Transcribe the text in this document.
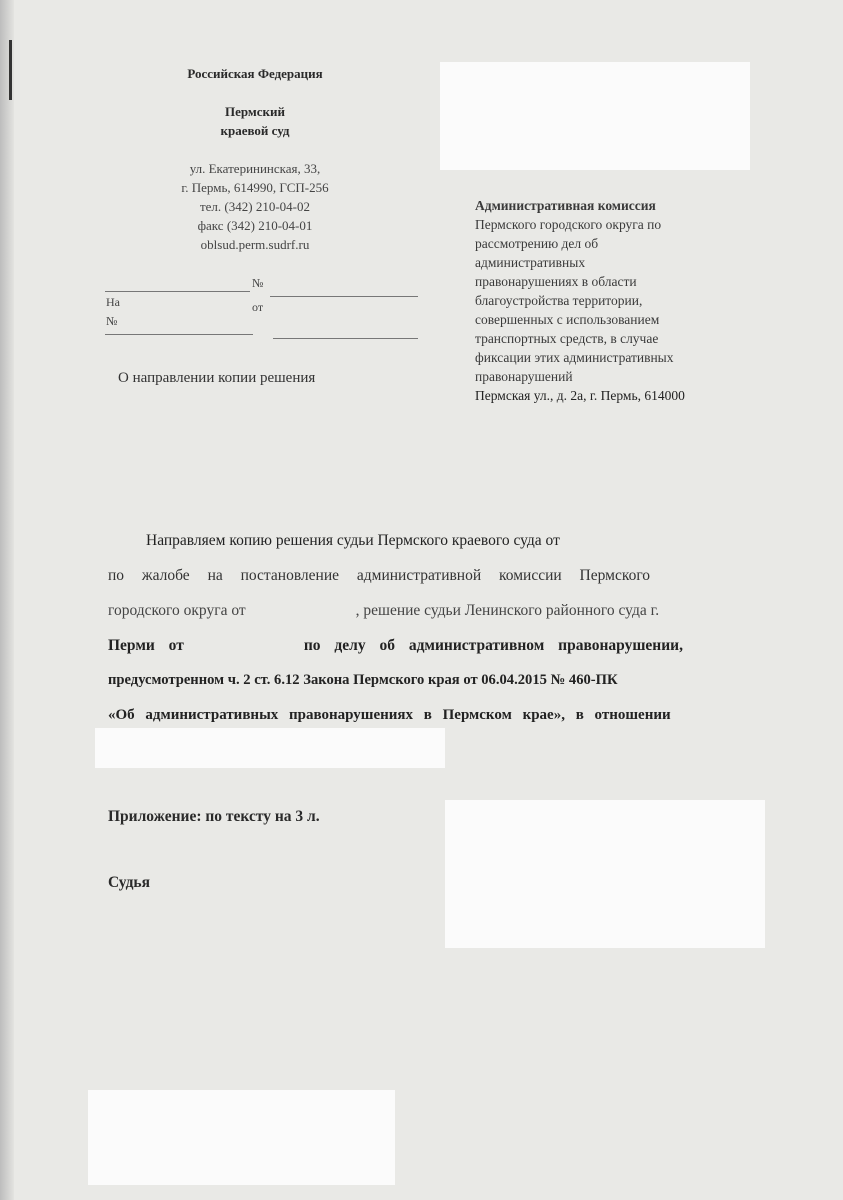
Российская Федерация
Пермский
краевой суд
ул. Екатерининская, 33,
г. Пермь, 614990, ГСП-256
тел. (342) 210-04-02
факс (342) 210-04-01
oblsud.perm.sudrf.ru
№
На	от
№
О направлении копии решения
Административная комиссия
Пермского городского округа по
рассмотрению дел об
административных
правонарушениях в области
благоустройства территории,
совершенных с использованием
транспортных средств, в случае
фиксации этих административных
правонарушений
Пермская ул., д. 2а, г. Пермь, 614000
Направляем копию решения судьи Пермского краевого суда от
по жалобе на постановление административной комиссии Пермского
городского округа от	, решение судьи Ленинского районного суда г.
Перми от	по делу об административном правонарушении,
предусмотренном ч. 2 ст. 6.12 Закона Пермского края от 06.04.2015 № 460-ПК
«Об административных правонарушениях в Пермском крае», в отношении
Приложение: по тексту на 3 л.
Судья
